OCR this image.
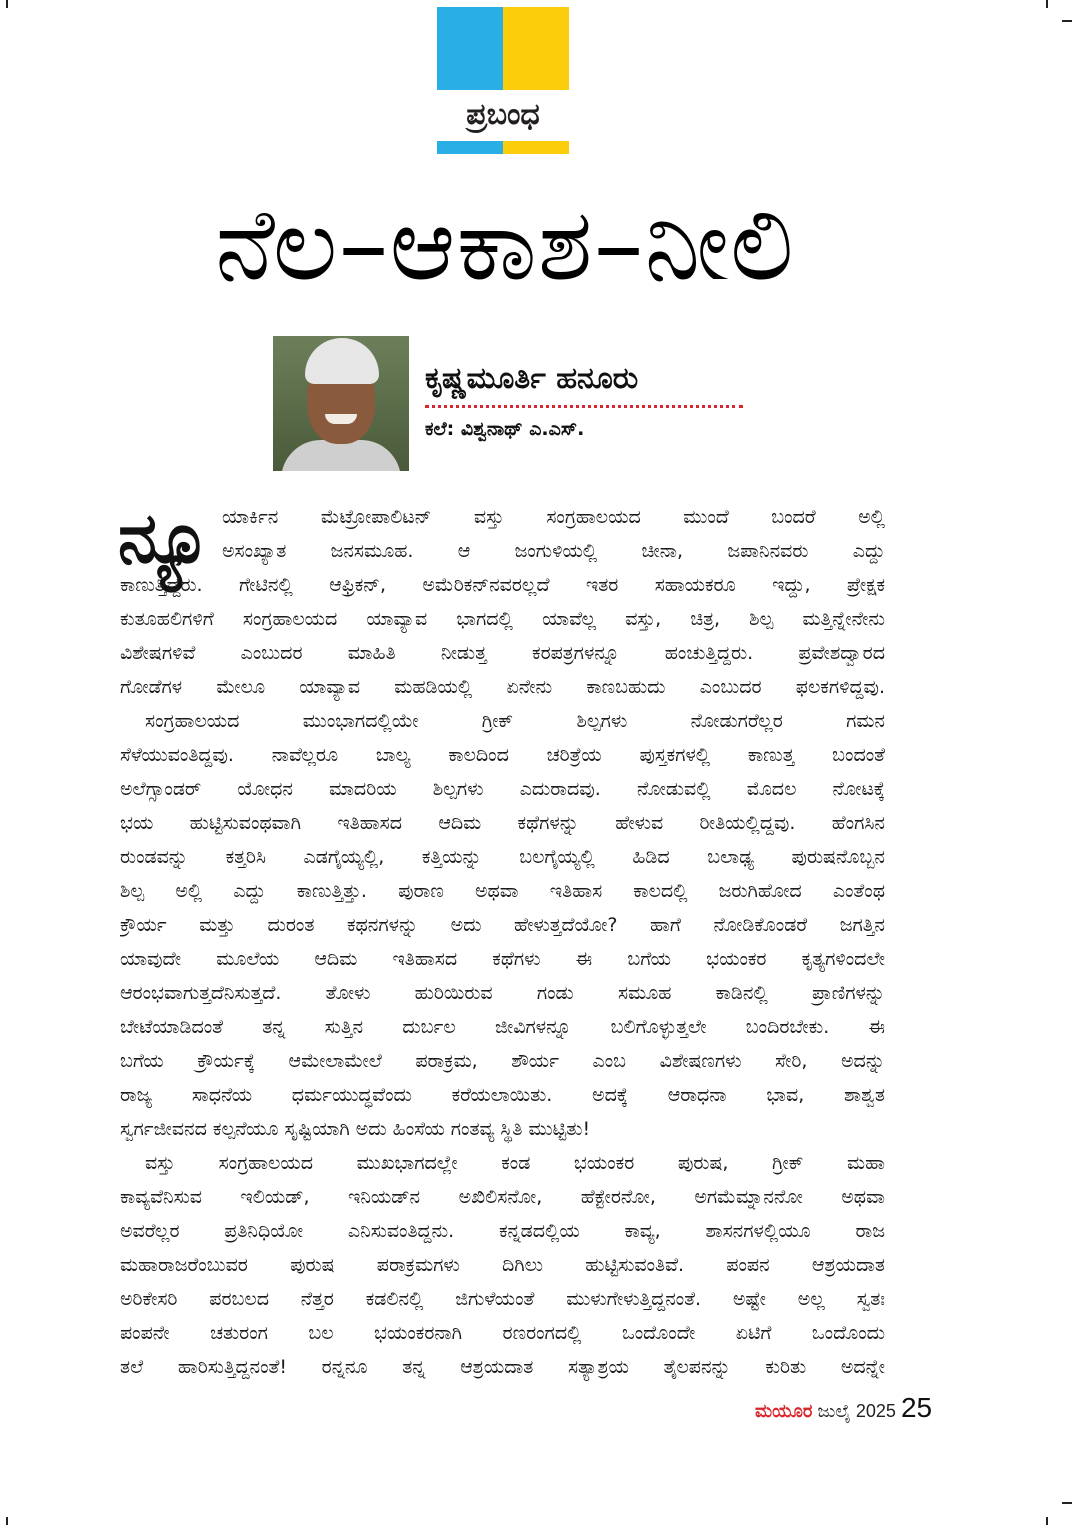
ಪ್ರಬಂಧ
ನೆಲ–ಆಕಾಶ–ನೀಲಿ
ಕೃಷ್ಣಮೂರ್ತಿ ಹನೂರು
ಕಲೆ: ವಿಶ್ವನಾಥ್ ಎ.ಎಸ್.
ನ್ಯೂ ಯಾರ್ಕಿನ ಮೆಟ್ರೋಪಾಲಿಟನ್ ವಸ್ತು ಸಂಗ್ರಹಾಲಯದ ಮುಂದೆ ಬಂದರೆ ಅಲ್ಲಿ
ಅಸಂಖ್ಯಾತ ಜನಸಮೂಹ. ಆ ಜಂಗುಳಿಯಲ್ಲಿ ಚೀನಾ, ಜಪಾನಿನವರು ಎದ್ದು
ಕಾಣುತ್ತಿದ್ದರು. ಗೇಟಿನಲ್ಲಿ ಆಫ್ರಿಕನ್, ಅಮೆರಿಕನ್‌ನವರಲ್ಲದೆ ಇತರ ಸಹಾಯಕರೂ ಇದ್ದು, ಪ್ರೇಕ್ಷಕ
ಕುತೂಹಲಿಗಳಿಗೆ ಸಂಗ್ರಹಾಲಯದ ಯಾವ್ಯಾವ ಭಾಗದಲ್ಲಿ ಯಾವೆಲ್ಲ ವಸ್ತು, ಚಿತ್ರ, ಶಿಲ್ಪ ಮತ್ತಿನ್ನೇನೇನು
ವಿಶೇಷಗಳಿವೆ ಎಂಬುದರ ಮಾಹಿತಿ ನೀಡುತ್ತ ಕರಪತ್ರಗಳನ್ನೂ ಹಂಚುತ್ತಿದ್ದರು. ಪ್ರವೇಶದ್ವಾರದ
ಗೋಡೆಗಳ ಮೇಲೂ ಯಾವ್ಯಾವ ಮಹಡಿಯಲ್ಲಿ ಏನೇನು ಕಾಣಬಹುದು ಎಂಬುದರ ಫಲಕಗಳಿದ್ದವು.
ಸಂಗ್ರಹಾಲಯದ ಮುಂಭಾಗದಲ್ಲಿಯೇ ಗ್ರೀಕ್ ಶಿಲ್ಪಗಳು ನೋಡುಗರೆಲ್ಲರ ಗಮನ
ಸೆಳೆಯುವಂತಿದ್ದವು. ನಾವೆಲ್ಲರೂ ಬಾಲ್ಯ ಕಾಲದಿಂದ ಚರಿತ್ರೆಯ ಪುಸ್ತಕಗಳಲ್ಲಿ ಕಾಣುತ್ತ ಬಂದಂತೆ
ಅಲೆಗ್ಸಾಂಡರ್ ಯೋಧನ ಮಾದರಿಯ ಶಿಲ್ಪಗಳು ಎದುರಾದವು. ನೋಡುವಲ್ಲಿ ಮೊದಲ ನೋಟಕ್ಕೆ
ಭಯ ಹುಟ್ಟಿಸುವಂಥವಾಗಿ ಇತಿಹಾಸದ ಆದಿಮ ಕಥೆಗಳನ್ನು ಹೇಳುವ ರೀತಿಯಲ್ಲಿದ್ದವು. ಹೆಂಗಸಿನ
ರುಂಡವನ್ನು ಕತ್ತರಿಸಿ ಎಡಗೈಯ್ಯಲ್ಲಿ, ಕತ್ತಿಯನ್ನು ಬಲಗೈಯ್ಯಲ್ಲಿ ಹಿಡಿದ ಬಲಾಢ್ಯ ಪುರುಷನೊಬ್ಬನ
ಶಿಲ್ಪ ಅಲ್ಲಿ ಎದ್ದು ಕಾಣುತ್ತಿತ್ತು. ಪುರಾಣ ಅಥವಾ ಇತಿಹಾಸ ಕಾಲದಲ್ಲಿ ಜರುಗಿಹೋದ ಎಂತೆಂಥ
ಕ್ರೌರ್ಯ ಮತ್ತು ದುರಂತ ಕಥನಗಳನ್ನು ಅದು ಹೇಳುತ್ತದೆಯೋ? ಹಾಗೆ ನೋಡಿಕೊಂಡರೆ ಜಗತ್ತಿನ
ಯಾವುದೇ ಮೂಲೆಯ ಆದಿಮ ಇತಿಹಾಸದ ಕಥೆಗಳು ಈ ಬಗೆಯ ಭಯಂಕರ ಕೃತ್ಯಗಳಿಂದಲೇ
ಆರಂಭವಾಗುತ್ತದೆನಿಸುತ್ತದೆ. ತೋಳು ಹುರಿಯಿರುವ ಗಂಡು ಸಮೂಹ ಕಾಡಿನಲ್ಲಿ ಪ್ರಾಣಿಗಳನ್ನು
ಬೇಟೆಯಾಡಿದಂತೆ ತನ್ನ ಸುತ್ತಿನ ದುರ್ಬಲ ಜೀವಿಗಳನ್ನೂ ಬಲಿಗೊಳ್ಳುತ್ತಲೇ ಬಂದಿರಬೇಕು. ಈ
ಬಗೆಯ ಕ್ರೌರ್ಯಕ್ಕೆ ಆಮೇಲಾಮೇಲೆ ಪರಾಕ್ರಮ, ಶೌರ್ಯ ಎಂಬ ವಿಶೇಷಣಗಳು ಸೇರಿ, ಅದನ್ನು
ರಾಜ್ಯ ಸಾಧನೆಯ ಧರ್ಮಯುದ್ಧವೆಂದು ಕರೆಯಲಾಯಿತು. ಅದಕ್ಕೆ ಆರಾಧನಾ ಭಾವ, ಶಾಶ್ವತ
ಸ್ವರ್ಗಜೀವನದ ಕಲ್ಪನೆಯೂ ಸೃಷ್ಟಿಯಾಗಿ ಅದು ಹಿಂಸೆಯ ಗಂತವ್ಯ ಸ್ಥಿತಿ ಮುಟ್ಟಿತು!
ವಸ್ತು ಸಂಗ್ರಹಾಲಯದ ಮುಖಭಾಗದಲ್ಲೇ ಕಂಡ ಭಯಂಕರ ಪುರುಷ, ಗ್ರೀಕ್ ಮಹಾ
ಕಾವ್ಯವೆನಿಸುವ ಇಲಿಯಡ್, ಇನಿಯಡ್‌ನ ಅಖಿಲಿಸನೋ, ಹೆಕ್ಟೇರನೋ, ಅಗಮೆಮ್ನಾನನೋ ಅಥವಾ
ಅವರೆಲ್ಲರ ಪ್ರತಿನಿಧಿಯೋ ಎನಿಸುವಂತಿದ್ದನು. ಕನ್ನಡದಲ್ಲಿಯ ಕಾವ್ಯ, ಶಾಸನಗಳಲ್ಲಿಯೂ ರಾಜ
ಮಹಾರಾಜರೆಂಬುವರ ಪುರುಷ ಪರಾಕ್ರಮಗಳು ದಿಗಿಲು ಹುಟ್ಟಿಸುವಂತಿವೆ. ಪಂಪನ ಆಶ್ರಯದಾತ
ಅರಿಕೇಸರಿ ಪರಬಲದ ನೆತ್ತರ ಕಡಲಿನಲ್ಲಿ ಜಿಗುಳೆಯಂತೆ ಮುಳುಗೇಳುತ್ತಿದ್ದನಂತೆ. ಅಷ್ಟೇ ಅಲ್ಲ ಸ್ವತಃ
ಪಂಪನೇ ಚತುರಂಗ ಬಲ ಭಯಂಕರನಾಗಿ ರಣರಂಗದಲ್ಲಿ ಒಂದೊಂದೇ ಏಟಿಗೆ ಒಂದೊಂದು
ತಲೆ ಹಾರಿಸುತ್ತಿದ್ದನಂತೆ! ರನ್ನನೂ ತನ್ನ ಆಶ್ರಯದಾತ ಸತ್ಯಾಶ್ರಯ ತೈಲಪನನ್ನು ಕುರಿತು ಅದನ್ನೇ
ಮಯೂರ ಜುಲೈ 2025 25
